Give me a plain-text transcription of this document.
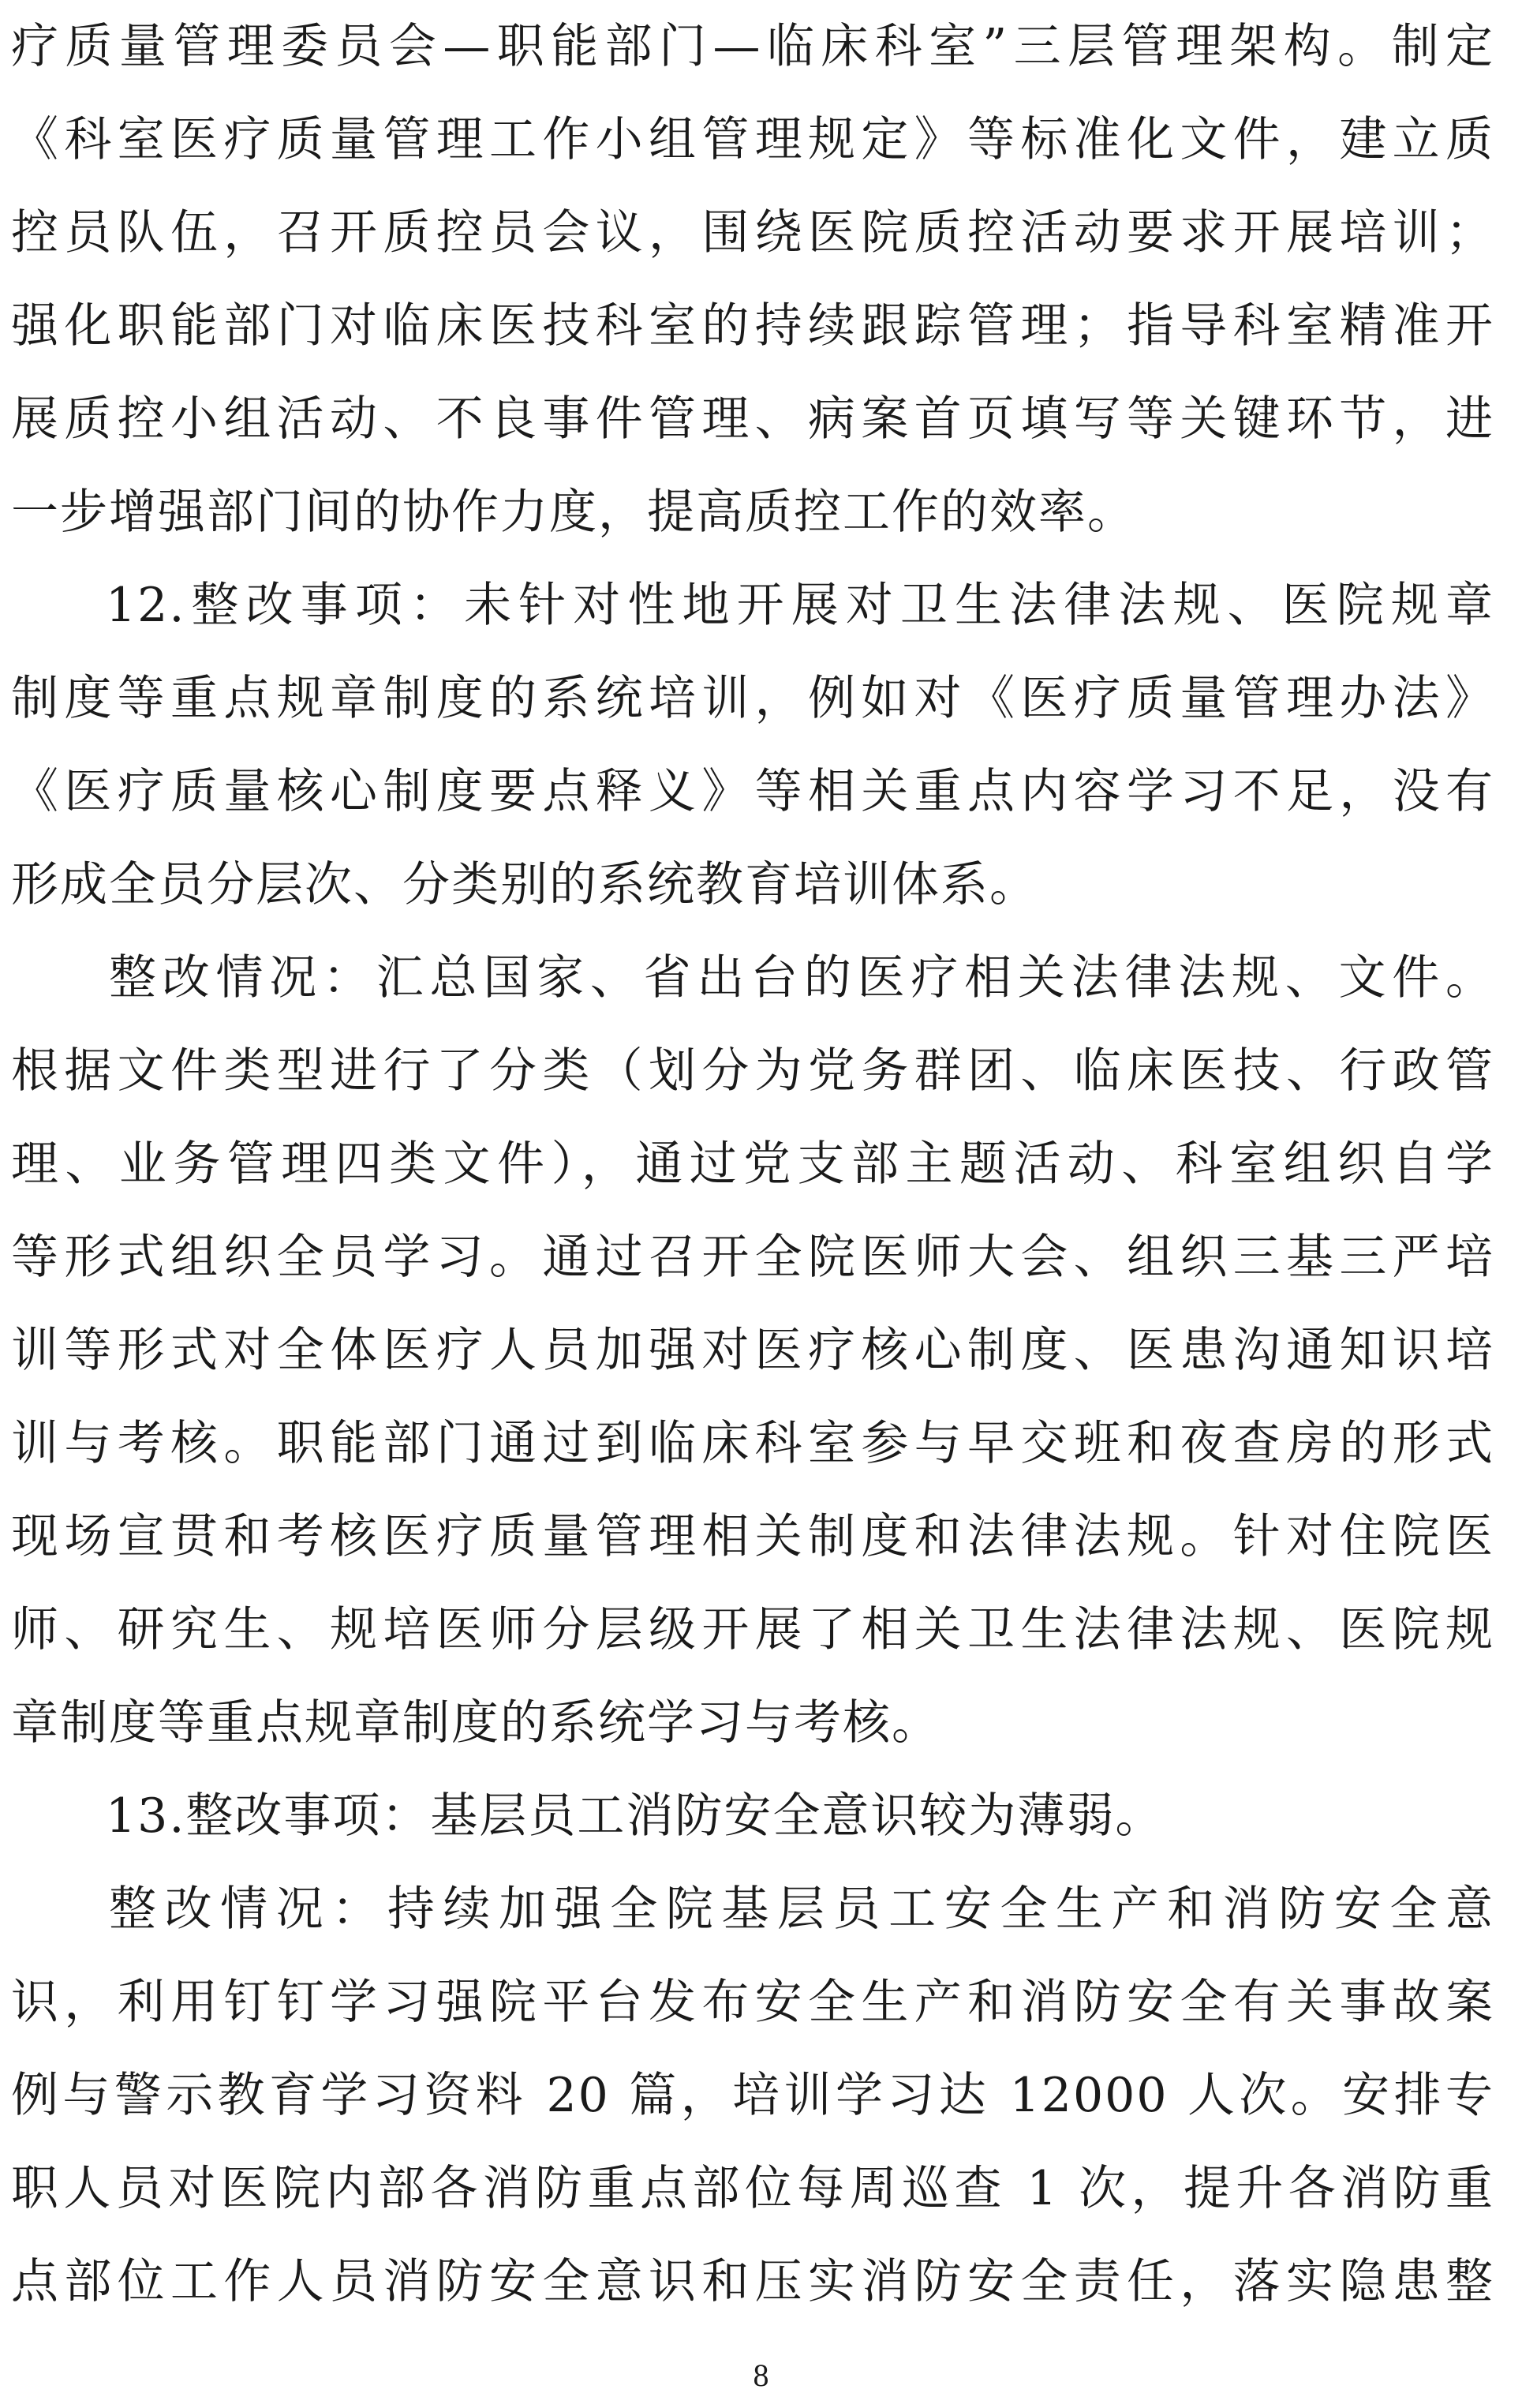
疗质量管理委员会—职能部门—临床科室”三层管理架构。制定
《科室医疗质量管理工作小组管理规定》等标准化文件，建立质
控员队伍，召开质控员会议，围绕医院质控活动要求开展培训；
强化职能部门对临床医技科室的持续跟踪管理；指导科室精准开
展质控小组活动、不良事件管理、病案首页填写等关键环节，进
一步增强部门间的协作力度，提高质控工作的效率。
12.整改事项：未针对性地开展对卫生法律法规、医院规章
制度等重点规章制度的系统培训，例如对《医疗质量管理办法》
《医疗质量核心制度要点释义》等相关重点内容学习不足，没有
形成全员分层次、分类别的系统教育培训体系。
整改情况：汇总国家、省出台的医疗相关法律法规、文件。
根据文件类型进行了分类（划分为党务群团、临床医技、行政管
理、业务管理四类文件），通过党支部主题活动、科室组织自学
等形式组织全员学习。通过召开全院医师大会、组织三基三严培
训等形式对全体医疗人员加强对医疗核心制度、医患沟通知识培
训与考核。职能部门通过到临床科室参与早交班和夜查房的形式
现场宣贯和考核医疗质量管理相关制度和法律法规。针对住院医
师、研究生、规培医师分层级开展了相关卫生法律法规、医院规
章制度等重点规章制度的系统学习与考核。
13.整改事项：基层员工消防安全意识较为薄弱。
整改情况：持续加强全院基层员工安全生产和消防安全意
识，利用钉钉学习强院平台发布安全生产和消防安全有关事故案
例与警示教育学习资料 20 篇，培训学习达 12000 人次。安排专
职人员对医院内部各消防重点部位每周巡查 1 次，提升各消防重
点部位工作人员消防安全意识和压实消防安全责任，落实隐患整
8
